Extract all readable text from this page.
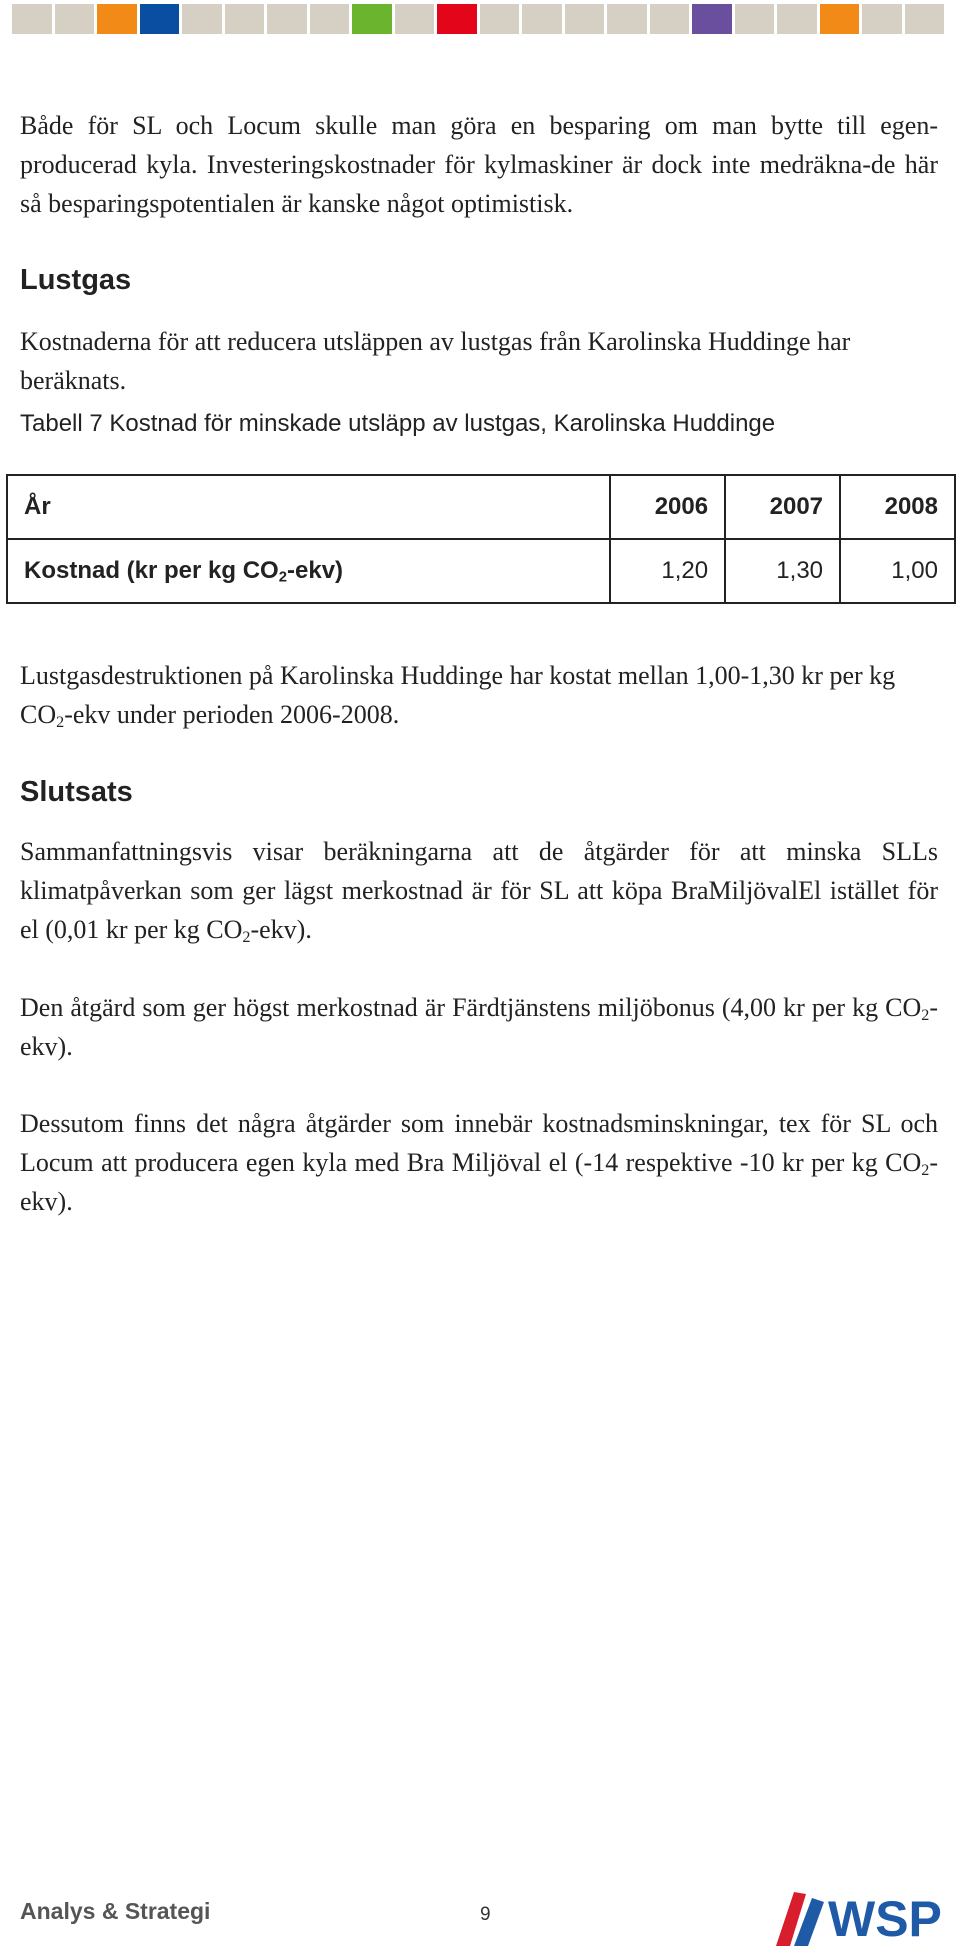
Både för SL och Locum skulle man göra en besparing om man bytte till egen-producerad kyla. Investeringskostnader för kylmaskiner är dock inte medräkna-de här så besparingspotentialen är kanske något optimistisk.

Lustgas

Kostnaderna för att reducera utsläppen av lustgas från Karolinska Huddinge har beräknats.

Tabell 7 Kostnad för minskade utsläpp av lustgas, Karolinska Huddinge

År	2006	2007	2008
Kostnad (kr per kg $CO_2-ekv$)	1,20	1,30	1,00

Lustgasdestruktionen på Karolinska Huddinge har kostat mellan 1,00-1,30 kr per kg $CO_2$-ekv under perioden 2006-2008.

Slutsats

Sammanfattningsvis visar beräkningarna att de åtgärder för att minska SLLs klimatpåverkan som ger lägst merkostnad är för SL att köpa BraMiljövalEl istället för el (0,01 kr per kg $CO_2-ekv$).

Den åtgärd som ger högst merkostnad är Färdtjänstens miljöbonus (4,00 kr per kg $CO_2-ekv$).

Dessutom finns det några åtgärder som innebär kostnadsminskningar, tex för SL och Locum att producera egen kyla med Bra Miljöval el (-14 respektive -10 kr per kg $CO_2-ekv$).

Analys & Strategi	9	WSP
